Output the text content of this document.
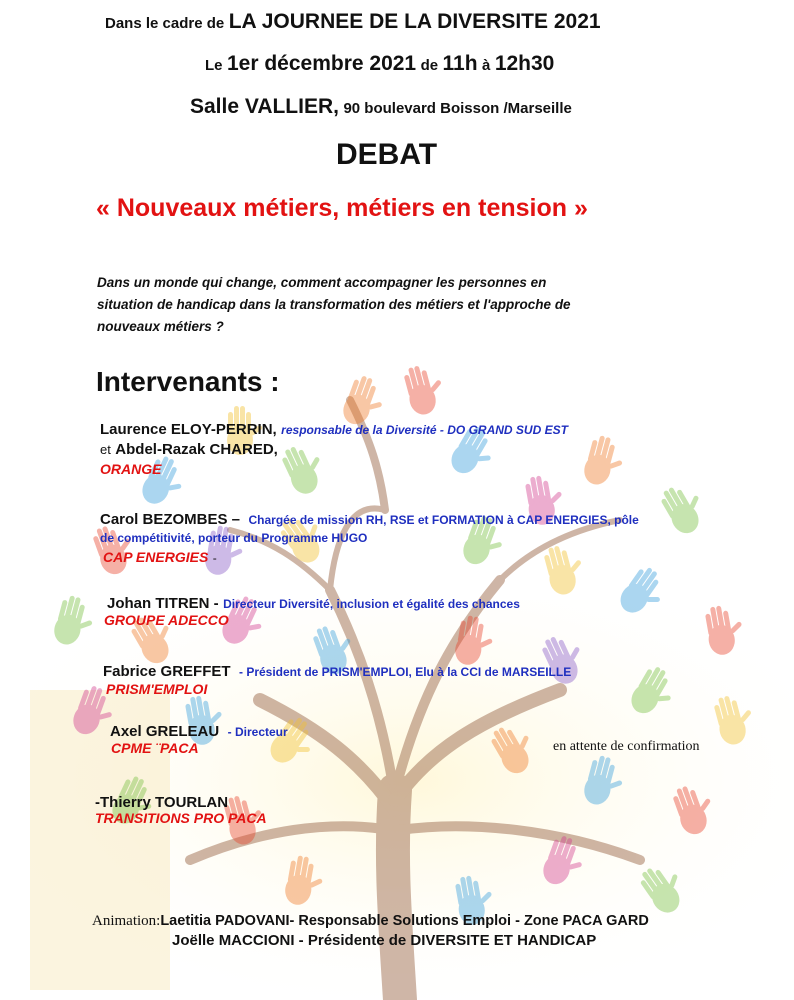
Dans le cadre de LA JOURNEE DE LA DIVERSITE 2021
Le 1er décembre 2021 de 11h à 12h30
Salle VALLIER, 90 boulevard Boisson /Marseille
DEBAT
« Nouveaux métiers, métiers en tension »
Dans un monde qui change, comment accompagner les personnes en
situation de handicap dans la transformation des métiers et l'approche de
nouveaux métiers ?
Intervenants :
Laurence ELOY-PERRIN, responsable de la Diversité - DO GRAND SUD EST
et Abdel-Razak CHARED,
ORANGE
Carol BEZOMBES – Chargée de mission RH, RSE et FORMATION à CAP ENERGIES, pôle
de compétitivité, porteur du Programme HUGO
CAP ENERGIES -
Johan TITREN - Directeur Diversité, inclusion et égalité des chances
GROUPE ADECCO
Fabrice GREFFET - Président de PRISM'EMPLOI, Elu à la CCI de MARSEILLE
PRISM'EMPLOI
Axel GRELEAU - Directeur
CPME ¨PACA	en attente de confirmation
-Thierry TOURLAN
TRANSITIONS PRO PACA
Animation:Laetitia PADOVANI- Responsable Solutions Emploi - Zone PACA GARD
Joëlle MACCIONI - Présidente de DIVERSITE ET HANDICAP
